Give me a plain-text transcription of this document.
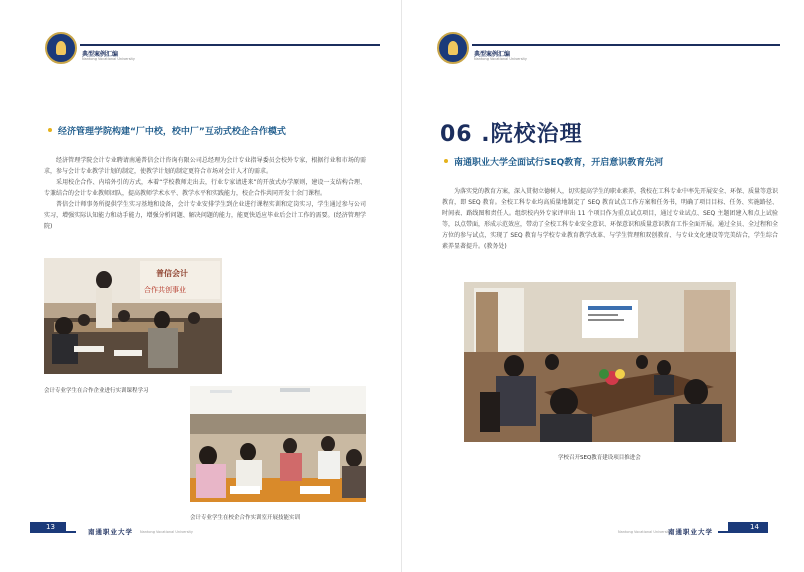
典型案例汇编
Nantong Vocational University
经济管理学院构建“厂中校，校中厂”互动式校企合作模式

经济管理学院会计专业聘请南通普信会计咨询有限公司总经理为会计专业指导委员会校外专家，根据行业和市场的需求，参与会计专业教学计划的制定，使教学计划的制定更符合市场对会计人才的需求。

采用校企合作、内培外引的方式，本着“学校教师走出去，行业专家请进来”的开放式办学原则，建设一支结构合理、专兼结合的会计专业教师团队，提高教师学术水平、教学水平和实践能力，校企合作共同开发十余门课程。

普信会计师事务所提供学生实习基地和设备，会计专业安排学生到企业进行课程实训和定岗实习，学生通过参与公司实习，增强实际认知能力和动手能力，增强分析问题、解决问题的能力，能更快适应毕业后会计工作的需要。(经济管理学院)

普信会计
合作共创事业
会计专业学生在合作企业进行实训课程学习
会计专业学生在校企合作实训室开展技能实训
13
南通职业大学 Nantong Vocational University
典型案例汇编
Nantong Vocational University
06 .院校治理
南通职业大学全面试行SEQ教育，开启意识教育先河

为落实党的教育方案，深入贯彻立德树人，切实提高学生的职业素养，我校在工科专业中率先开展安全、环保、质量等意识教育，即 SEQ 教育。全校工科专业均高质量地制定了 SEQ 教育试点工作方案和任务书，明确了项目目标、任务、实施路径、时间表、路线图和责任人。组织校内外专家评审出 11 个项目作为重点试点项目，通过专业试点、SEQ 主题团建入和点上试验等，以点带面，形成示范效应，带动了全校工科专业安全意识、环保意识和质量意识教育工作全面开展。通过全员、全过程和全方位的参与试点，实现了 SEQ 教育与学校专业教育教学改革、与学生管理和双创教育、与专业文化建设等完美结合，学生综合素养显著提升。(教务处)

学校召开SEQ教育建设项目推进会
Nantong Vocational University
南通职业大学
14
